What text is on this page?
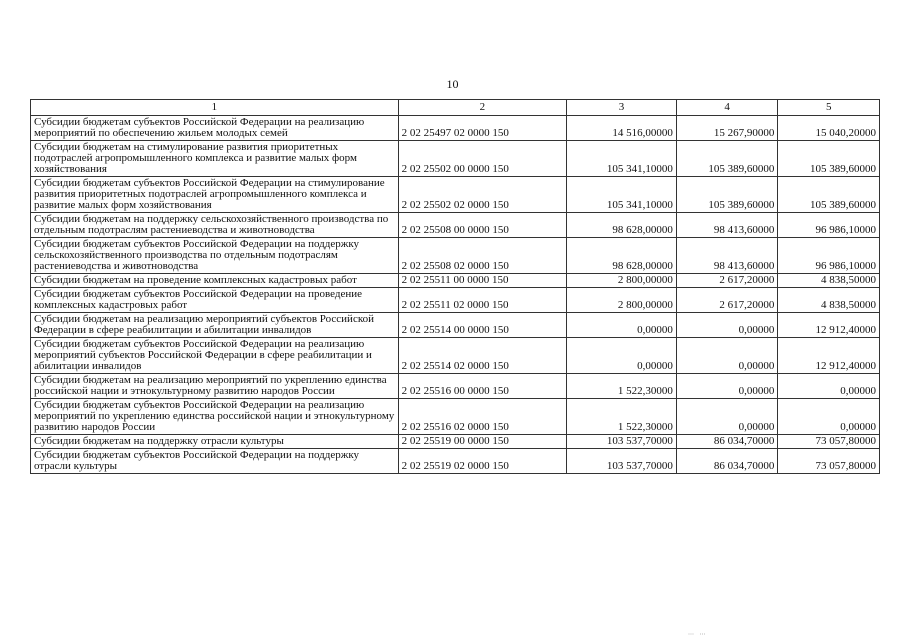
10
1	2	3	4	5
Субсидии бюджетам субъектов Российской Федерации на реализацию мероприятий по обеспечению жильем молодых семей	2 02 25497 02 0000 150	14 516,00000	15 267,90000	15 040,20000
Субсидии бюджетам на стимулирование развития приоритетных подотраслей агропромышленного комплекса и развитие малых форм хозяйствования	2 02 25502 00 0000 150	105 341,10000	105 389,60000	105 389,60000
Субсидии бюджетам субъектов Российской Федерации на стимулирование развития приоритетных подотраслей агропромышленного комплекса и развитие малых форм хозяйствования	2 02 25502 02 0000 150	105 341,10000	105 389,60000	105 389,60000
Субсидии бюджетам на поддержку сельскохозяйственного производства по отдельным подотраслям растениеводства и животноводства	2 02 25508 00 0000 150	98 628,00000	98 413,60000	96 986,10000
Субсидии бюджетам субъектов Российской Федерации на поддержку сельскохозяйственного производства по отдельным подотраслям растениеводства и животноводства	2 02 25508 02 0000 150	98 628,00000	98 413,60000	96 986,10000
Субсидии бюджетам на проведение комплексных кадастровых работ	2 02 25511 00 0000 150	2 800,00000	2 617,20000	4 838,50000
Субсидии бюджетам субъектов Российской Федерации на проведение комплексных кадастровых работ	2 02 25511 02 0000 150	2 800,00000	2 617,20000	4 838,50000
Субсидии бюджетам на реализацию мероприятий субъектов Российской Федерации в сфере реабилитации и абилитации инвалидов	2 02 25514 00 0000 150	0,00000	0,00000	12 912,40000
Субсидии бюджетам субъектов Российской Федерации на реализацию мероприятий субъектов Российской Федерации в сфере реабилитации и абилитации инвалидов	2 02 25514 02 0000 150	0,00000	0,00000	12 912,40000
Субсидии бюджетам на реализацию мероприятий по укреплению единства российской нации и этнокультурному развитию народов России	2 02 25516 00 0000 150	1 522,30000	0,00000	0,00000
Субсидии бюджетам субъектов Российской Федерации на реализацию мероприятий по укреплению единства российской нации и этнокультурному развитию народов России	2 02 25516 02 0000 150	1 522,30000	0,00000	0,00000
Субсидии бюджетам на поддержку отрасли культуры	2 02 25519 00 0000 150	103 537,70000	86 034,70000	73 057,80000
Субсидии бюджетам субъектов Российской Федерации на поддержку отрасли культуры	2 02 25519 02 0000 150	103 537,70000	86 034,70000	73 057,80000
⋯ ⋯
